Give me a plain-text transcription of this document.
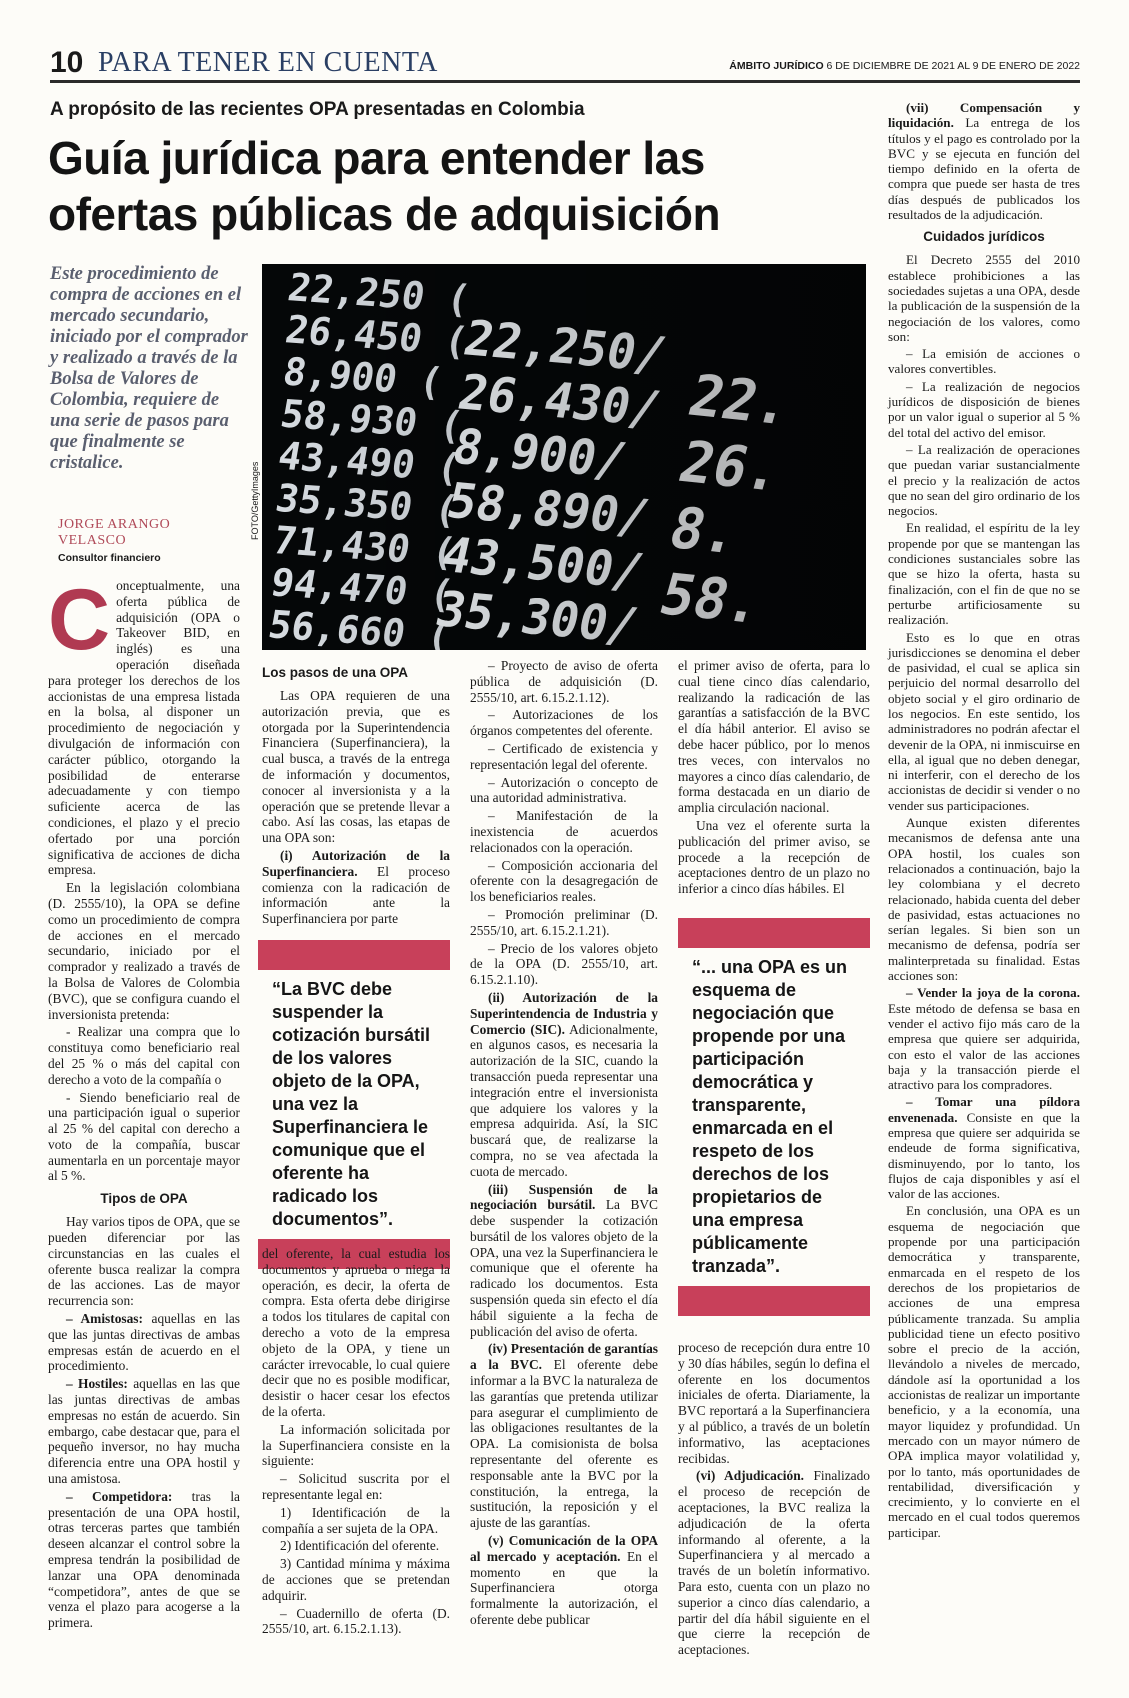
10 PARA TENER EN CUENTA	ÁMBITO JURÍDICO 6 DE DICIEMBRE DE 2021 AL 9 DE ENERO DE 2022
A propósito de las recientes OPA presentadas en Colombia
Guía jurídica para entender las
ofertas públicas de adquisición
Este procedimiento de compra de acciones en el mercado secundario, iniciado por el comprador y realizado a través de la Bolsa de Valores de Colombia, requiere de una serie de pasos para que finalmente se cristalice.
JORGE ARANGO VELASCO
Consultor financiero
FOTO/GettyImages

Conceptualmente, una oferta pública de adquisición (OPA o Takeover BID, en inglés) es una operación diseñada para proteger los derechos de los accionistas de una empresa listada en la bolsa, al disponer un procedimiento de negociación y divulgación de información con carácter público, otorgando la posibilidad de enterarse adecuadamente y con tiempo suficiente acerca de las condiciones, el plazo y el precio ofertado por una porción significativa de acciones de dicha empresa.

En la legislación colombiana (D. 2555/10), la OPA se define como un procedimiento de compra de acciones en el mercado secundario, iniciado por el comprador y realizado a través de la Bolsa de Valores de Colombia (BVC), que se configura cuando el inversionista pretenda:

- Realizar una compra que lo constituya como beneficiario real del 25 % o más del capital con derecho a voto de la compañía o

- Siendo beneficiario real de una participación igual o superior al 25 % del capital con derecho a voto de la compañía, buscar aumentarla en un porcentaje mayor al 5 %.

Tipos de OPA

Hay varios tipos de OPA, que se pueden diferenciar por las circunstancias en las cuales el oferente busca realizar la compra de las acciones. Las de mayor recurrencia son:

– Amistosas: aquellas en las que las juntas directivas de ambas empresas están de acuerdo en el procedimiento.

– Hostiles: aquellas en las que las juntas directivas de ambas empresas no están de acuerdo. Sin embargo, cabe destacar que, para el pequeño inversor, no hay mucha diferencia entre una OPA hostil y una amistosa.

– Competidora: tras la presentación de una OPA hostil, otras terceras partes que también deseen alcanzar el control sobre la empresa tendrán la posibilidad de lanzar una OPA denominada “competidora”, antes de que se venza el plazo para acogerse a la primera.

Los pasos de una OPA

Las OPA requieren de una autorización previa, que es otorgada por la Superintendencia Financiera (Superfinanciera), la cual busca, a través de la entrega de información y documentos, conocer al inversionista y a la operación que se pretende llevar a cabo. Así las cosas, las etapas de una OPA son:

(i) Autorización de la Superfinanciera. El proceso comienza con la radicación de información ante la Superfinanciera por parte

“La BVC debe suspender la cotización bursátil de los valores objeto de la OPA, una vez la Superfinanciera le comunique que el oferente ha radicado los documentos”.

del oferente, la cual estudia los documentos y aprueba o niega la operación, es decir, la oferta de compra. Esta oferta debe dirigirse a todos los titulares de capital con derecho a voto de la empresa objeto de la OPA, y tiene un carácter irrevocable, lo cual quiere decir que no es posible modificar, desistir o hacer cesar los efectos de la oferta.

La información solicitada por la Superfinanciera consiste en la siguiente:

– Solicitud suscrita por el representante legal en:

1) Identificación de la compañía a ser sujeta de la OPA.

2) Identificación del oferente.

3) Cantidad mínima y máxima de acciones que se pretendan adquirir.

– Cuadernillo de oferta (D. 2555/10, art. 6.15.2.1.13).

– Proyecto de aviso de oferta pública de adquisición (D. 2555/10, art. 6.15.2.1.12).

– Autorizaciones de los órganos competentes del oferente.

– Certificado de existencia y representación legal del oferente.

– Autorización o concepto de una autoridad administrativa.

– Manifestación de la inexistencia de acuerdos relacionados con la operación.

– Composición accionaria del oferente con la desagregación de los beneficiarios reales.

– Promoción preliminar (D. 2555/10, art. 6.15.2.1.21).

– Precio de los valores objeto de la OPA (D. 2555/10, art. 6.15.2.1.10).

(ii) Autorización de la Superintendencia de Industria y Comercio (SIC). Adicionalmente, en algunos casos, es necesaria la autorización de la SIC, cuando la transacción pueda representar una integración entre el inversionista que adquiere los valores y la empresa adquirida. Así, la SIC buscará que, de realizarse la compra, no se vea afectada la cuota de mercado.

(iii) Suspensión de la negociación bursátil. La BVC debe suspender la cotización bursátil de los valores objeto de la OPA, una vez la Superfinanciera le comunique que el oferente ha radicado los documentos. Esta suspensión queda sin efecto el día hábil siguiente a la fecha de publicación del aviso de oferta.

(iv) Presentación de garantías a la BVC. El oferente debe informar a la BVC la naturaleza de las garantías que pretenda utilizar para asegurar el cumplimiento de las obligaciones resultantes de la OPA. La comisionista de bolsa representante del oferente es responsable ante la BVC por la constitución, la entrega, la sustitución, la reposición y el ajuste de las garantías.

(v) Comunicación de la OPA al mercado y aceptación. En el momento en que la Superfinanciera otorga formalmente la autorización, el oferente debe publicar

el primer aviso de oferta, para lo cual tiene cinco días calendario, realizando la radicación de las garantías a satisfacción de la BVC el día hábil anterior. El aviso se debe hacer público, por lo menos tres veces, con intervalos no mayores a cinco días calendario, de forma destacada en un diario de amplia circulación nacional.

Una vez el oferente surta la publicación del primer aviso, se procede a la recepción de aceptaciones dentro de un plazo no inferior a cinco días hábiles. El

“... una OPA es un esquema de negociación que propende por una participación democrática y transparente, enmarcada en el respeto de los derechos de los propietarios de una empresa públicamente tranzada”.

proceso de recepción dura entre 10 y 30 días hábiles, según lo defina el oferente en los documentos iniciales de oferta. Diariamente, la BVC reportará a la Superfinanciera y al público, a través de un boletín informativo, las aceptaciones recibidas.

(vi) Adjudicación. Finalizado el proceso de recepción de aceptaciones, la BVC realiza la adjudicación de la oferta informando al oferente, a la Superfinanciera y al mercado a través de un boletín informativo. Para esto, cuenta con un plazo no superior a cinco días calendario, a partir del día hábil siguiente en el que cierre la recepción de aceptaciones.

(vii) Compensación y liquidación. La entrega de los títulos y el pago es controlado por la BVC y se ejecuta en función del tiempo definido en la oferta de compra que puede ser hasta de tres días después de publicados los resultados de la adjudicación.

Cuidados jurídicos

El Decreto 2555 del 2010 establece prohibiciones a las sociedades sujetas a una OPA, desde la publicación de la suspensión de la negociación de los valores, como son:

– La emisión de acciones o valores convertibles.

– La realización de negocios jurídicos de disposición de bienes por un valor igual o superior al 5 % del total del activo del emisor.

– La realización de operaciones que puedan variar sustancialmente el precio y la realización de actos que no sean del giro ordinario de los negocios.

En realidad, el espíritu de la ley propende por que se mantengan las condiciones sustanciales sobre las que se hizo la oferta, hasta su finalización, con el fin de que no se perturbe artificiosamente su realización.

Esto es lo que en otras jurisdicciones se denomina el deber de pasividad, el cual se aplica sin perjuicio del normal desarrollo del objeto social y el giro ordinario de los negocios. En este sentido, los administradores no podrán afectar el devenir de la OPA, ni inmiscuirse en ella, al igual que no deben denegar, ni interferir, con el derecho de los accionistas de decidir si vender o no vender sus participaciones.

Aunque existen diferentes mecanismos de defensa ante una OPA hostil, los cuales son relacionados a continuación, bajo la ley colombiana y el decreto relacionado, habida cuenta del deber de pasividad, estas actuaciones no serían legales. Si bien son un mecanismo de defensa, podría ser malinterpretada su finalidad. Estas acciones son:

– Vender la joya de la corona. Este método de defensa se basa en vender el activo fijo más caro de la empresa que quiere ser adquirida, con esto el valor de las acciones baja y la transacción pierde el atractivo para los compradores.

– Tomar una píldora envenenada. Consiste en que la empresa que quiere ser adquirida se endeude de forma significativa, disminuyendo, por lo tanto, los flujos de caja disponibles y así el valor de las acciones.

En conclusión, una OPA es un esquema de negociación que propende por una participación democrática y transparente, enmarcada en el respeto de los derechos de los propietarios de acciones de una empresa públicamente tranzada. Su amplia publicidad tiene un efecto positivo sobre el precio de la acción, llevándolo a niveles de mercado, dándole así la oportunidad a los accionistas de realizar un importante beneficio, y a la economía, una mayor liquidez y profundidad. Un mercado con un mayor número de OPA implica mayor volatilidad y, por lo tanto, más oportunidades de rentabilidad, diversificación y crecimiento, y lo convierte en el mercado en el cual todos queremos participar.
